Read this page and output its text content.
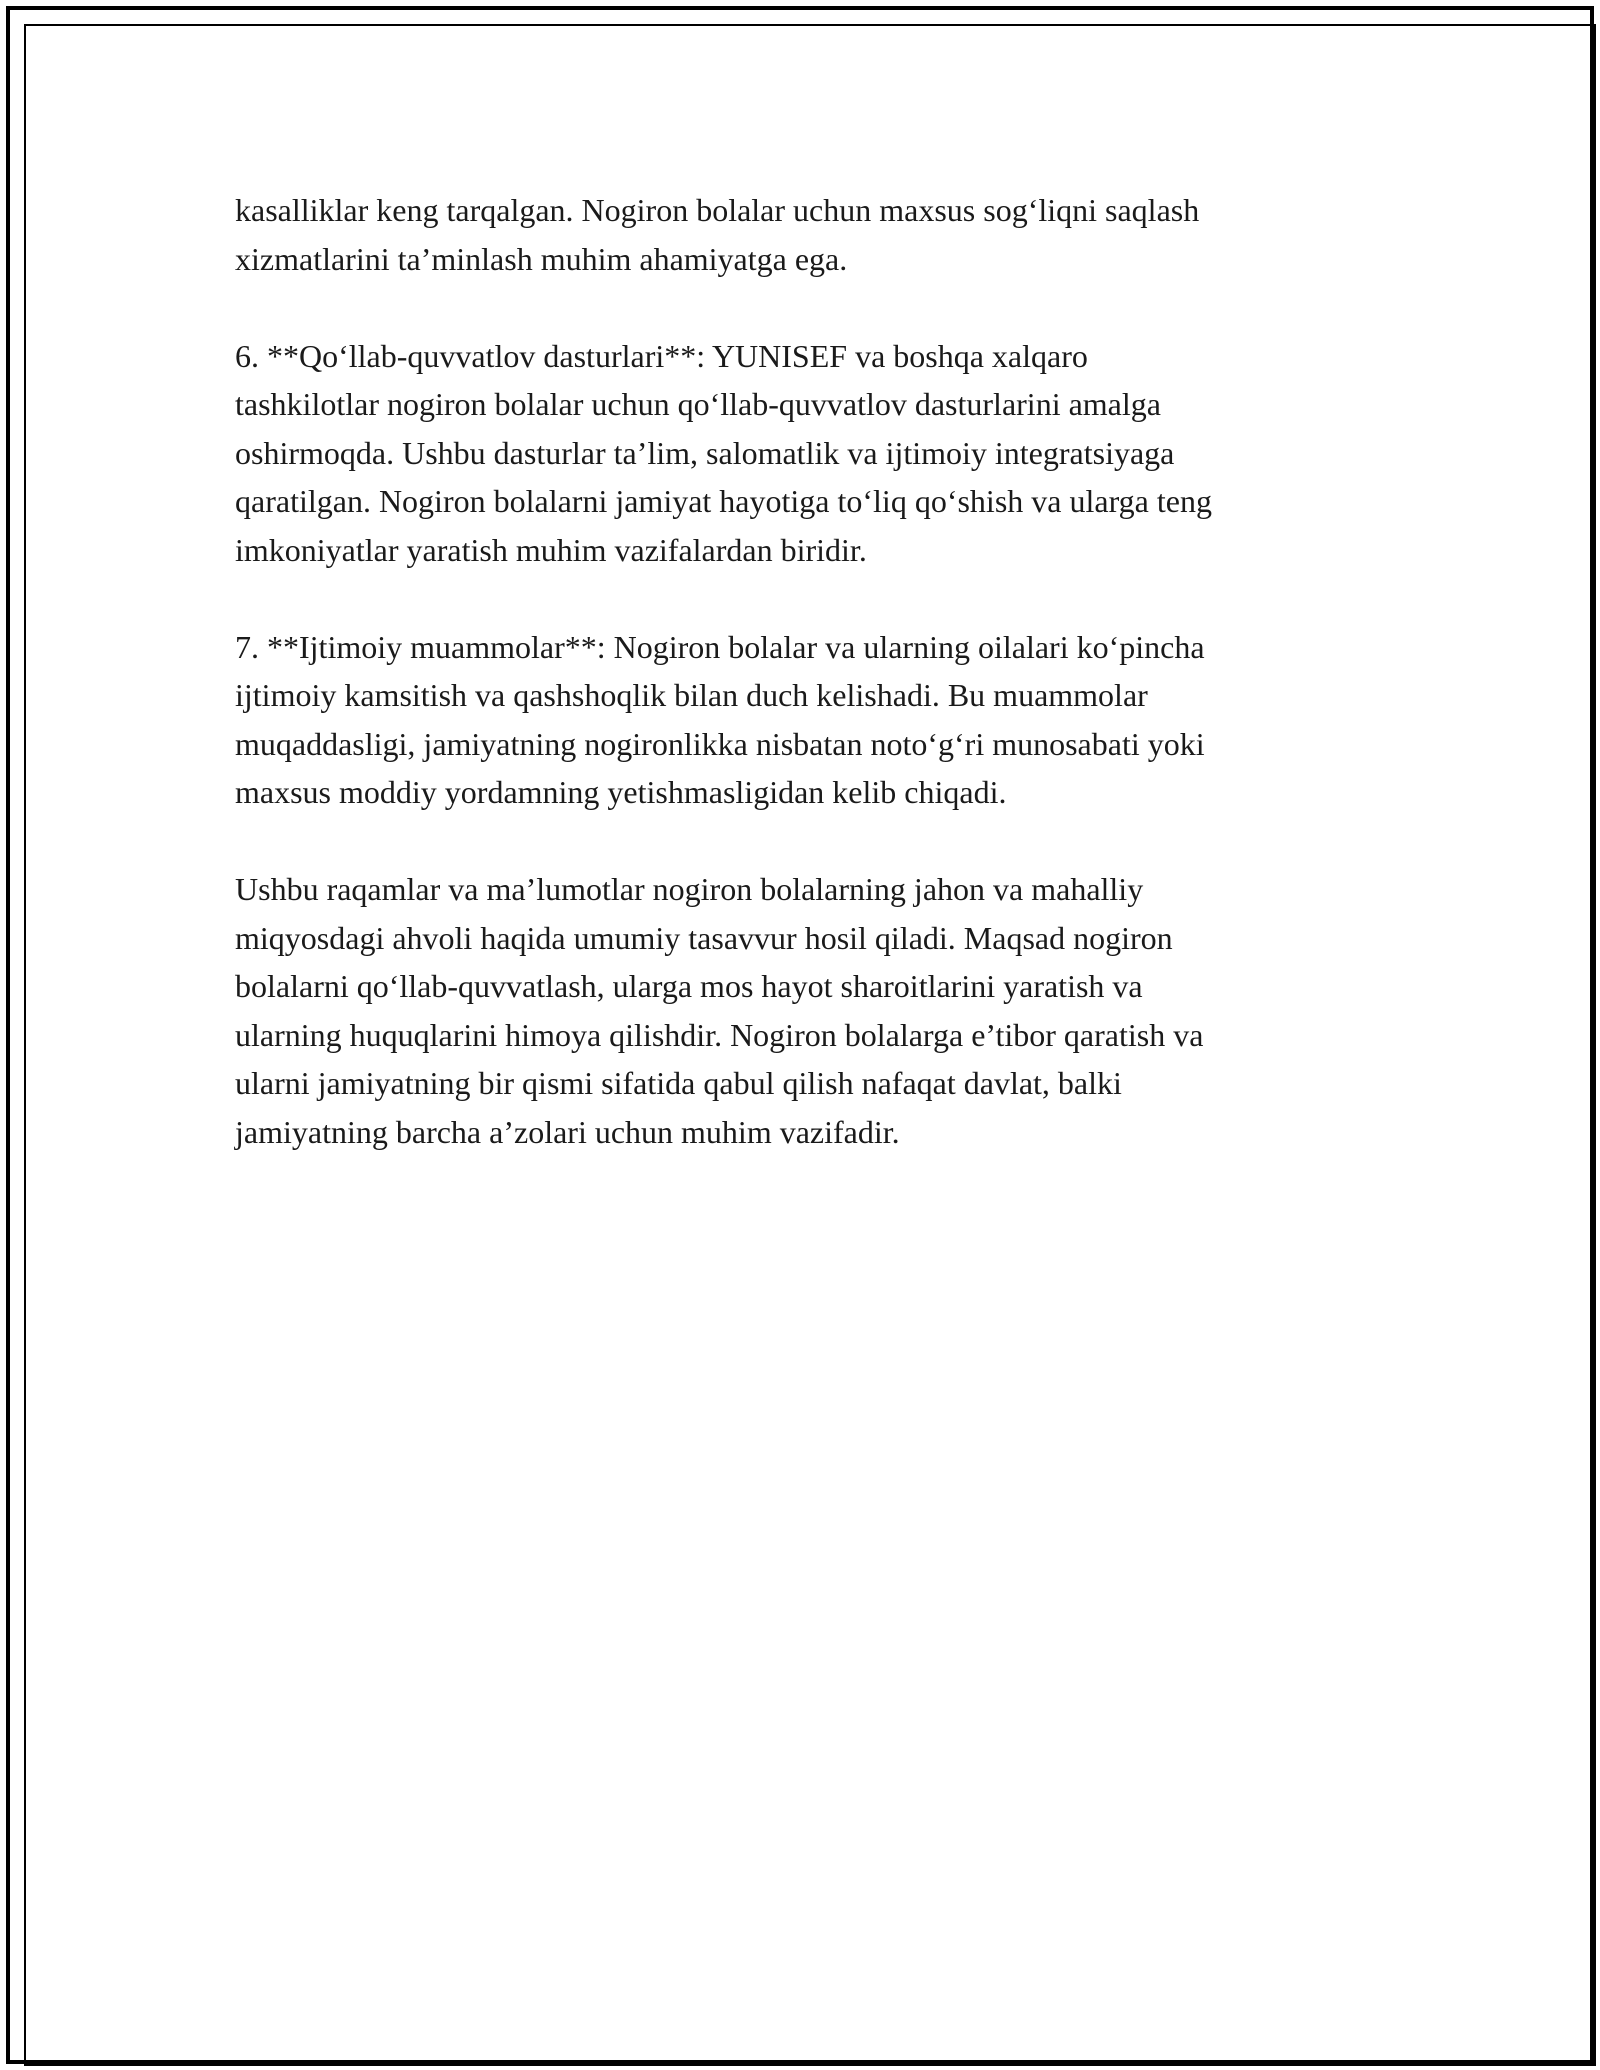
kasalliklar keng tarqalgan. Nogiron bolalar uchun maxsus sog‘liqni saqlash
xizmatlarini ta’minlash muhim ahamiyatga ega.

6. **Qo‘llab-quvvatlov dasturlari**: YUNISEF va boshqa xalqaro
tashkilotlar nogiron bolalar uchun qo‘llab-quvvatlov dasturlarini amalga
oshirmoqda. Ushbu dasturlar ta’lim, salomatlik va ijtimoiy integratsiyaga
qaratilgan. Nogiron bolalarni jamiyat hayotiga to‘liq qo‘shish va ularga teng
imkoniyatlar yaratish muhim vazifalardan biridir.

7. **Ijtimoiy muammolar**: Nogiron bolalar va ularning oilalari ko‘pincha
ijtimoiy kamsitish va qashshoqlik bilan duch kelishadi. Bu muammolar
muqaddasligi, jamiyatning nogironlikka nisbatan noto‘g‘ri munosabati yoki
maxsus moddiy yordamning yetishmasligidan kelib chiqadi.

Ushbu raqamlar va ma’lumotlar nogiron bolalarning jahon va mahalliy
miqyosdagi ahvoli haqida umumiy tasavvur hosil qiladi. Maqsad nogiron
bolalarni qo‘llab-quvvatlash, ularga mos hayot sharoitlarini yaratish va
ularning huquqlarini himoya qilishdir. Nogiron bolalarga e’tibor qaratish va
ularni jamiyatning bir qismi sifatida qabul qilish nafaqat davlat, balki
jamiyatning barcha a’zolari uchun muhim vazifadir.
